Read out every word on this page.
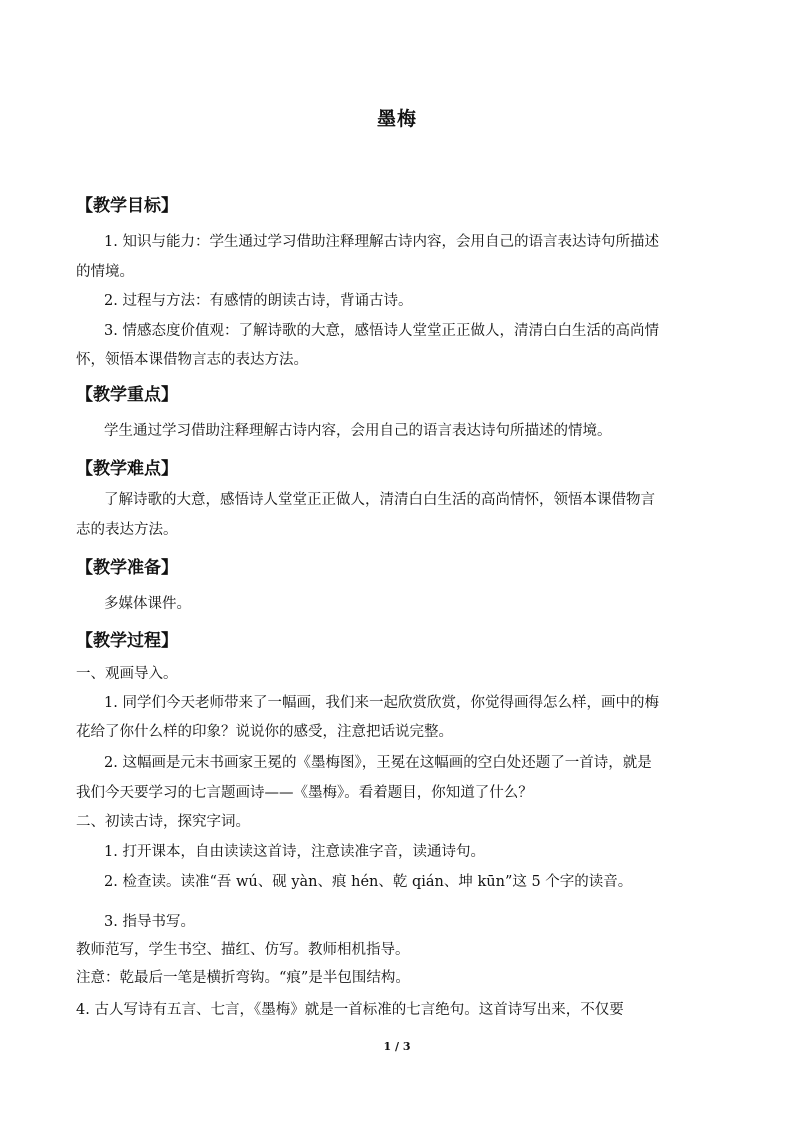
墨梅
【教学目标】
1. 知识与能力：学生通过学习借助注释理解古诗内容，会用自己的语言表达诗句所描述
的情境。
2. 过程与方法：有感情的朗读古诗，背诵古诗。
3. 情感态度价值观：了解诗歌的大意，感悟诗人堂堂正正做人，清清白白生活的高尚情
怀，领悟本课借物言志的表达方法。
【教学重点】
学生通过学习借助注释理解古诗内容，会用自己的语言表达诗句所描述的情境。
【教学难点】
了解诗歌的大意，感悟诗人堂堂正正做人，清清白白生活的高尚情怀，领悟本课借物言
志的表达方法。
【教学准备】
多媒体课件。
【教学过程】
一、观画导入。
1. 同学们今天老师带来了一幅画，我们来一起欣赏欣赏，你觉得画得怎么样，画中的梅
花给了你什么样的印象？说说你的感受，注意把话说完整。
2. 这幅画是元末书画家王冕的《墨梅图》，王冕在这幅画的空白处还题了一首诗，就是
我们今天要学习的七言题画诗——《墨梅》。看着题目，你知道了什么？
二、初读古诗，探究字词。
1. 打开课本，自由读读这首诗，注意读准字音，读通诗句。
2. 检查读。读准“吾 wú、砚 yàn、痕 hén、乾 qián、坤 kūn”这 5 个字的读音。
3. 指导书写。
教师范写，学生书空、描红、仿写。教师相机指导。
注意：乾最后一笔是横折弯钩。“痕”是半包围结构。
4. 古人写诗有五言、七言，《墨梅》就是一首标准的七言绝句。这首诗写出来，不仅要
1 / 3
